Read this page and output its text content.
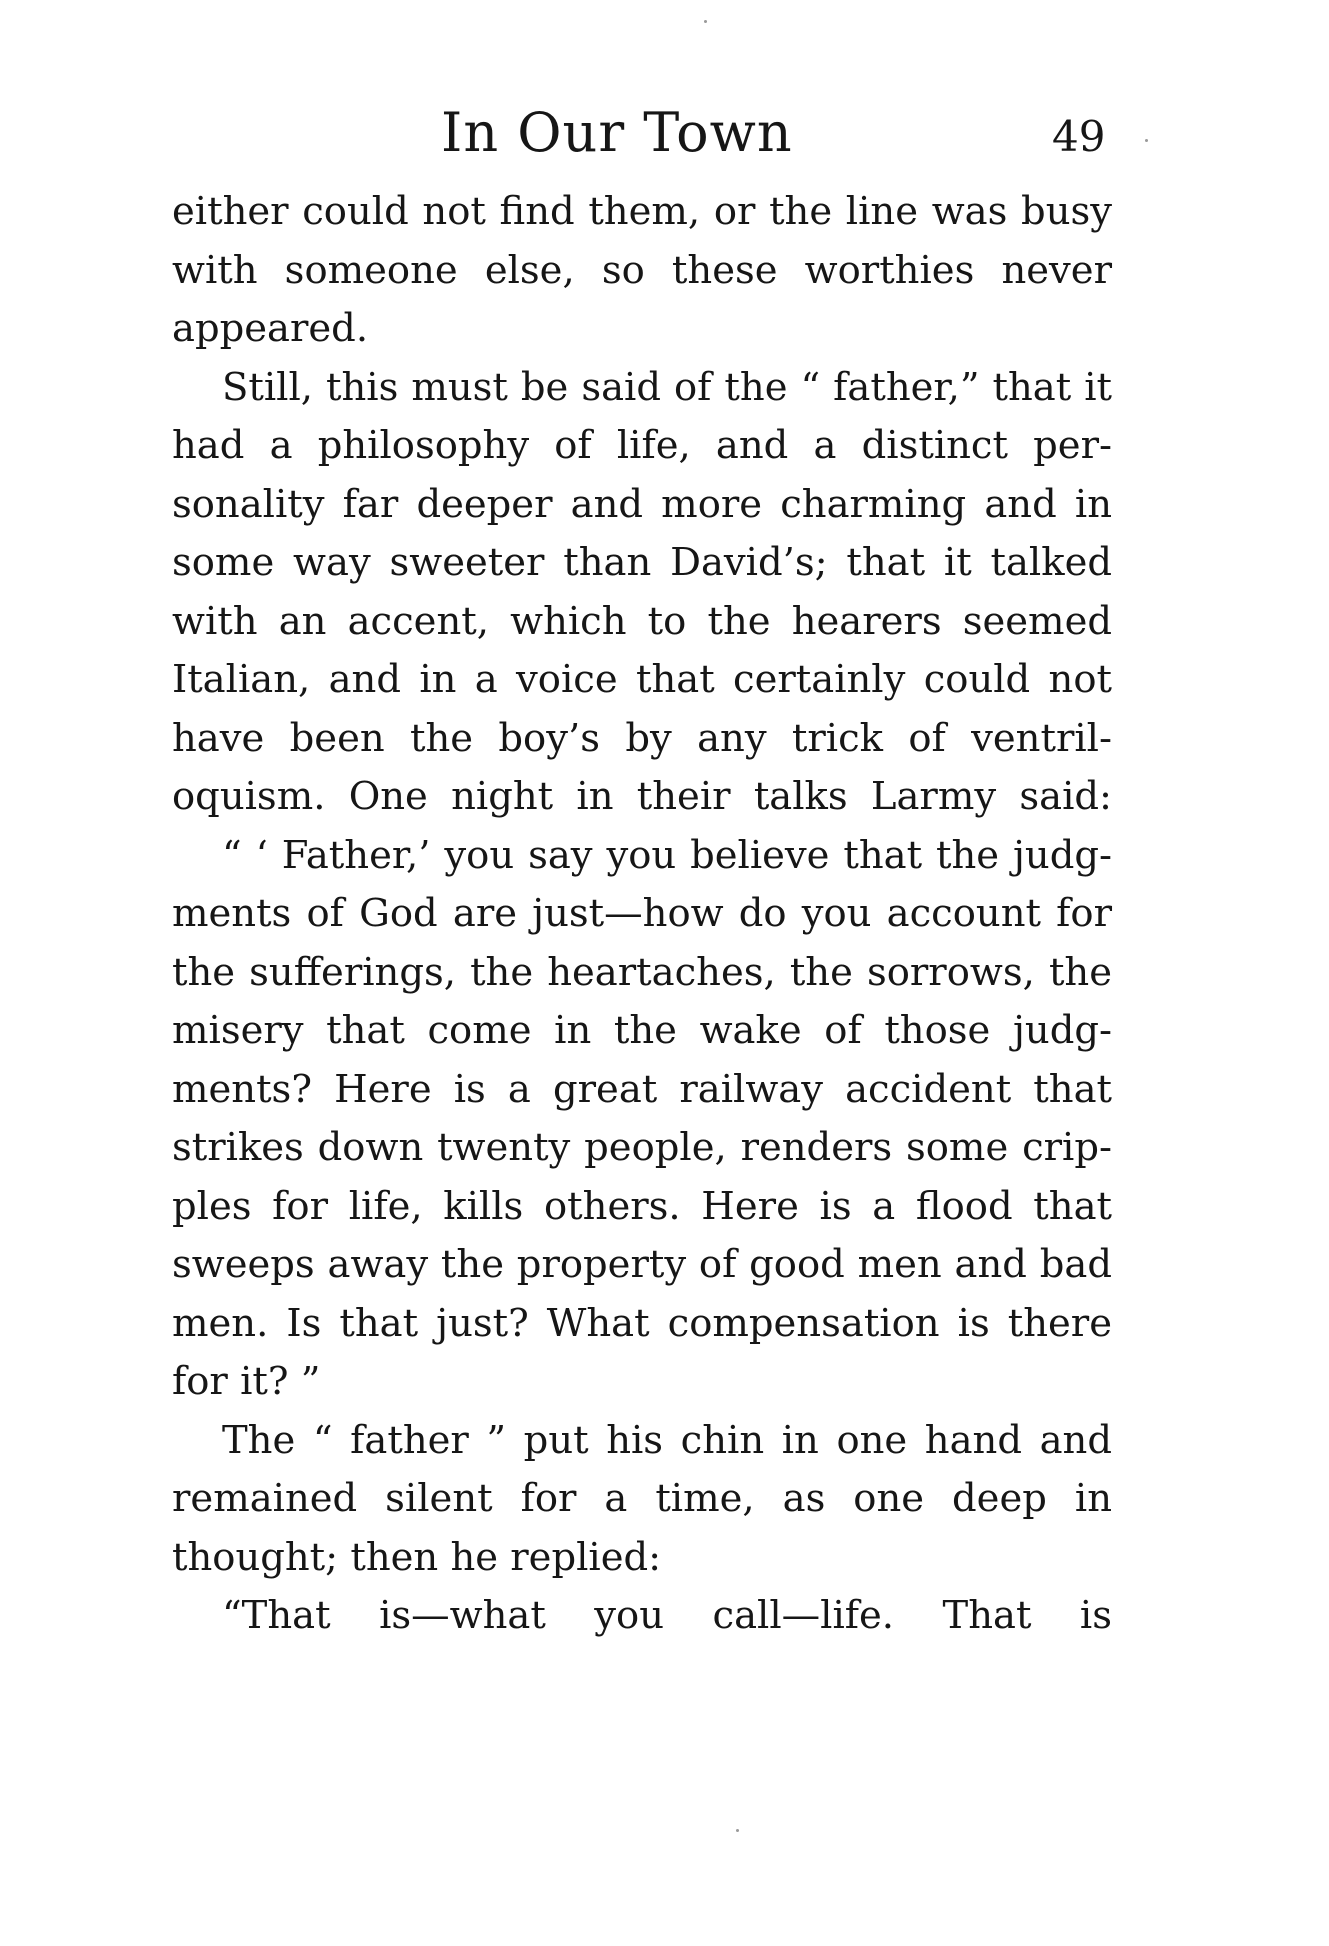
In Our Town	49
either could not find them, or the line was busy
with someone else, so these worthies never
appeared.
Still, this must be said of the “ father,” that it
had a philosophy of life, and a distinct per-
sonality far deeper and more charming and in
some way sweeter than David’s; that it talked
with an accent, which to the hearers seemed
Italian, and in a voice that certainly could not
have been the boy’s by any trick of ventril-
oquism. One night in their talks Larmy said:
“ ‘ Father,’ you say you believe that the judg-
ments of God are just—how do you account for
the sufferings, the heartaches, the sorrows, the
misery that come in the wake of those judg-
ments? Here is a great railway accident that
strikes down twenty people, renders some crip-
ples for life, kills others. Here is a flood that
sweeps away the property of good men and bad
men. Is that just? What compensation is there
for it? ”
The “ father ” put his chin in one hand and
remained silent for a time, as one deep in
thought; then he replied:
“That is—what you call—life. That is
